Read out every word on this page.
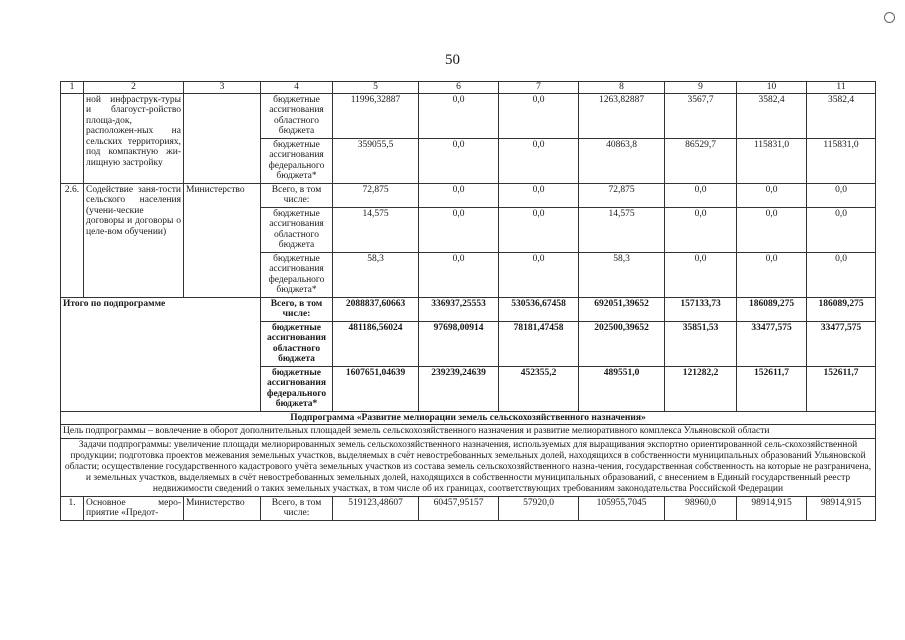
50
1	2	3	4	5	6	7	8	9	10	11
	ной инфраструк-туры и благоуст-ройство площа-док, расположен-ных на сельских территориях, под компактную жи-лищную застройку		бюджетные ассигнования областного бюджета	11996,32887	0,0	0,0	1263,82887	3567,7	3582,4	3582,4
			бюджетные ассигнования федерального бюджета*	359055,5	0,0	0,0	40863,8	86529,7	115831,0	115831,0
2.6.	Содействие заня-тости сельского населения (учени-ческие договоры и договоры о целе-вом обучении)	Министерство	Всего, в том числе:	72,875	0,0	0,0	72,875	0,0	0,0	0,0
			бюджетные ассигнования областного бюджета	14,575	0,0	0,0	14,575	0,0	0,0	0,0
			бюджетные ассигнования федерального бюджета*	58,3	0,0	0,0	58,3	0,0	0,0	0,0
Итого по подпрограмме			Всего, в том числе:	2088837,60663	336937,25553	530536,67458	692051,39652	157133,73	186089,275	186089,275
			бюджетные ассигнования областного бюджета	481186,56024	97698,00914	78181,47458	202500,39652	35851,53	33477,575	33477,575
			бюджетные ассигнования федерального бюджета*	1607651,04639	239239,24639	452355,2	489551,0	121282,2	152611,7	152611,7
Подпрограмма «Развитие мелиорации земель сельскохозяйственного назначения»										
Цель подпрограммы – вовлечение в оборот дополнительных площадей земель сельскохозяйственного назначения и развитие мелиоративного комплекса Ульяновской области										
Задачи подпрограммы: увеличение площади мелиорированных земель сельскохозяйственного назначения, используемых для выращивания экспортно ориентированной сель-скохозяйственной продукции; подготовка проектов межевания земельных участков, выделяемых в счёт невостребованных земельных долей, находящихся в собственности муниципальных образований Ульяновской области; осуществление государственного кадастрового учёта земельных участков из состава земель сельскохозяйственного назна-чения, государственная собственность на которые не разграничена, и земельных участков, выделяемых в счёт невостребованных земельных долей, находящихся в собственности муниципальных образований, с внесением в Единый государственный реестр недвижимости сведений о таких земельных участках, в том числе об их границах, соответствующих требованиям законодательства Российской Федерации										
1.	Основное меро-приятие «Предот-	Министерство	Всего, в том числе:	519123,48607	60457,95157	57920,0	105955,7045	98960,0	98914,915	98914,915
